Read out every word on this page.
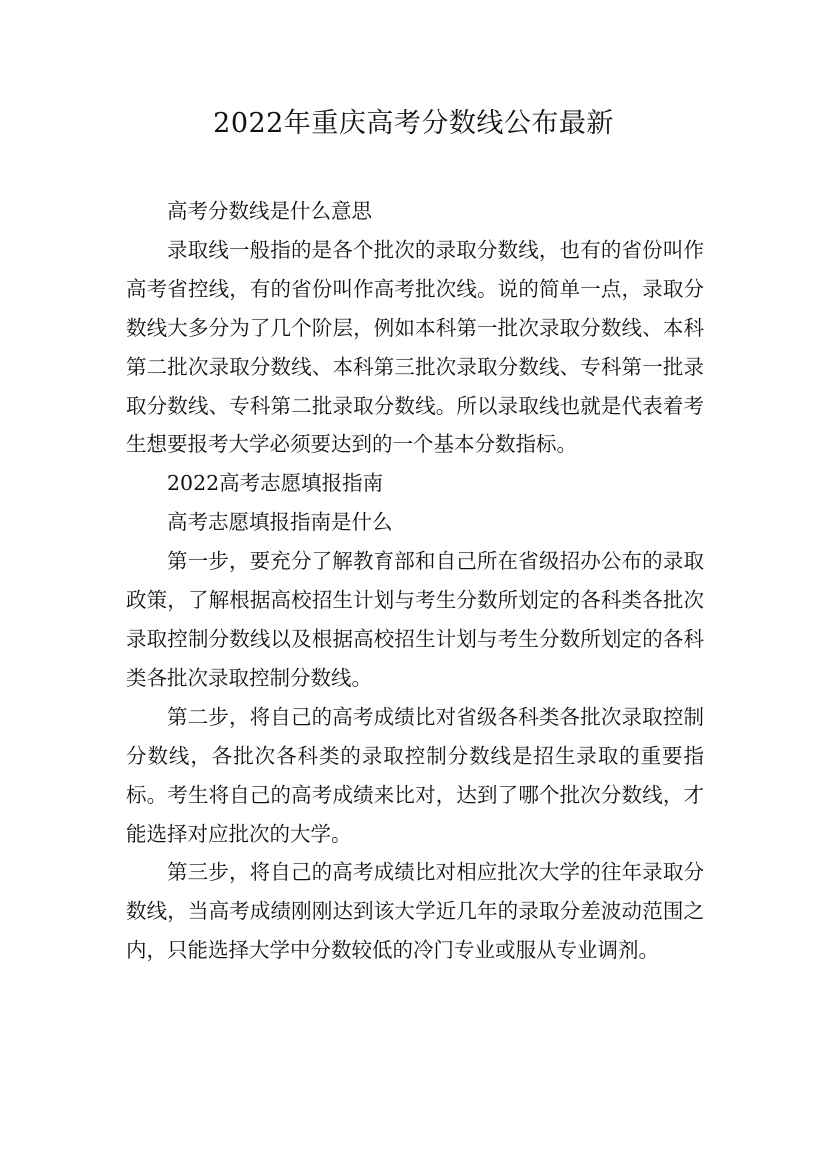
2022年重庆高考分数线公布最新

高考分数线是什么意思

录取线一般指的是各个批次的录取分数线，也有的省份叫作高考省控线，有的省份叫作高考批次线。说的简单一点，录取分数线大多分为了几个阶层，例如本科第一批次录取分数线、本科第二批次录取分数线、本科第三批次录取分数线、专科第一批录取分数线、专科第二批录取分数线。所以录取线也就是代表着考生想要报考大学必须要达到的一个基本分数指标。

2022高考志愿填报指南

高考志愿填报指南是什么

第一步，要充分了解教育部和自己所在省级招办公布的录取政策，了解根据高校招生计划与考生分数所划定的各科类各批次录取控制分数线以及根据高校招生计划与考生分数所划定的各科类各批次录取控制分数线。

第二步，将自己的高考成绩比对省级各科类各批次录取控制分数线，各批次各科类的录取控制分数线是招生录取的重要指标。考生将自己的高考成绩来比对，达到了哪个批次分数线，才能选择对应批次的大学。

第三步，将自己的高考成绩比对相应批次大学的往年录取分数线，当高考成绩刚刚达到该大学近几年的录取分差波动范围之内，只能选择大学中分数较低的冷门专业或服从专业调剂。
